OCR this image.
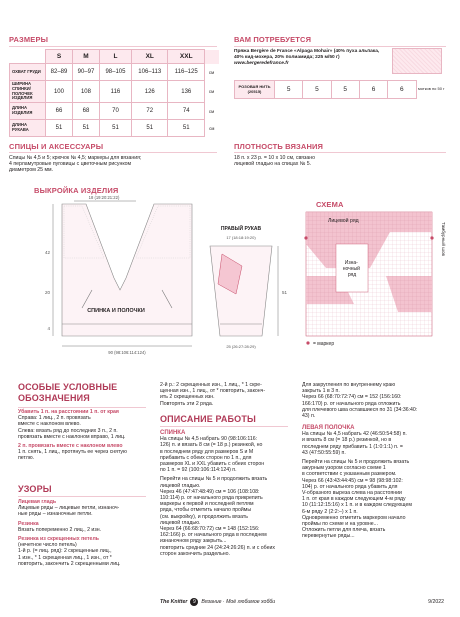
РАЗМЕРЫ
	S	M	L	XL	XXL	
ОХВАТ ГРУДИ	82–89	90–97	98–105	106–113	116–125	см
ШИРИНА СПИНКИ/ПОЛОЧЕК ИЗДЕЛИЯ	100	108	116	126	136	см
ДЛИНА ИЗДЕЛИЯ	66	68	70	72	74	см
ДЛИНА РУКАВА	51	51	51	51	51	см
ВАМ ПОТРЕБУЕТСЯ
Пряжа Bergère de France «Alpaga Mohair» (40% пуха альпака,
40% кид-мохера, 20% полиамида; 225 м/50 г)
www.bergeredefrance.fr
РОЗОВАЯ НИТЬ (20515)	5	5	5	6	6	мотков по 50 г
СПИЦЫ И АКСЕССУАРЫ
Спицы № 4,5 и 5; крючок № 4,5; маркеры для вязания;
4 перламутровые пуговицы с цветочным рисунком
диаметром 25 мм.
ПЛОТНОСТЬ ВЯЗАНИЯ
18 п. x 23 р. = 10 x 10 см, связано
лицевой гладью на спицах № 5.
ВЫКРОЙКА ИЗДЕЛИЯ
18 (19:20:21:22)
СПИНКА И ПОЛОЧКИ
42
20
4
90 (98:106:114:124)
ПРАВЫЙ РУКАВ
17 (18:18:19:20)
51
25 (26:27:28:29)
СХЕМА
Лицевой ряд
Изна- ночный ряд
Тамбурный шов
= маркер
ОСОБЫЕ УСЛОВНЫЕ
ОБОЗНАЧЕНИЯ
Убавить 1 п. на расстоянии 1 п. от края
Справа: 1 лиц., 2 п. провязать
вместе с наклоном влево.
Слева: вязать ряд до последних 3 п., 2 п.
провязать вместе с наклоном вправо, 1 лиц.
2 п. провязать вместе с наклоном влево
1 п. снять, 1 лиц., протянуть ее через снятую
петлю.
УЗОРЫ
Лицевая гладь
Лицевые ряды – лицевые петли, изнаноч-
ные ряды – изнаночные петли.
Резинка
Вязать попеременно 2 лиц., 2 изн.
Резинка из скрещенных петель
(нечетное число петель)
1-й р. (= лиц. ряд): 2 скрещенные лиц.,
1 изн., * 1 скрещенная лиц., 1 изн., от *
повторить, закончить 2 скрещенными лиц.
2-й р.: 2 скрещенных изн., 1 лиц., * 1 скре-
щенная изн., 1 лиц., от * повторить, законч-
ить 2 скрещенных изн.
Повторять эти 2 ряда.
ОПИСАНИЕ РАБОТЫ
СПИНКА
На спицы № 4,5 набрать 90 (98:106:116:
126) п. и вязать 8 см (= 18 р.) резинкой, но
в последнем ряду для размеров S и M
прибавить с обеих сторон по 1 п., для
размеров XL и XXL убавить с обеих сторон
по 1 п. = 92 (100:106:114:124) п.
Перейти на спицы № 5 и продолжить вязать
лицевой гладью.
Через 46 (47:47:48:49) см = 106 (108:108:
110:114) р. от начального ряда прикрепить
маркеры к первой и последней петлям
ряда, чтобы отметить начало проймы
(см. выкройку), и продолжить вязать
лицевой гладью.
Через 64 (66:68:70:72) см = 148 (152:156:
162:166) р. от начального ряда в последнем
изнаночном ряду закрыть...
повторить средние 24 (24:24:26:26) п. и с обеих
сторон закончить раздельно.
Для закругления по внутреннему краю
закрыть 1 в 3 п.
Через 66 (68:70:72:74) см = 152 (156:160:
166:170) р. от начального ряда отложить
для плечевого шва оставшиеся по 31 (34:36:40:
43) п.
ЛЕВАЯ ПОЛОЧКА
На спицы № 4,5 набрать 42 (46:50:54:58) п.
и вязать 8 см (= 18 р.) резинкой, но в
последнем ряду прибавить 1 (1:0:1:1) п. =
43 (47:50:55:59) п.
Перейти на спицы № 5 и продолжить вязать
ажурным узором согласно схеме 1
в соответствии с указанным размером.
Через 66 (43:43:44:45) см = 98 (98:98:102:
104) р. от начального ряда убавить для
V-образного выреза слева на расстоянии
1 п. от края в каждом следующем 4-м ряду
10 (11:12:15:16) х 1 п. и в каждом следующем
6-м ряду 2 (2:2:–) х 1 п.
Одновременно отметить маркером начало
проймы по схеме и на уровне...
Отложить петли для плеча, вязать
перевернутые ряды...
The Knitter	9	Вязание · Моё любимое хобби	9/2022
